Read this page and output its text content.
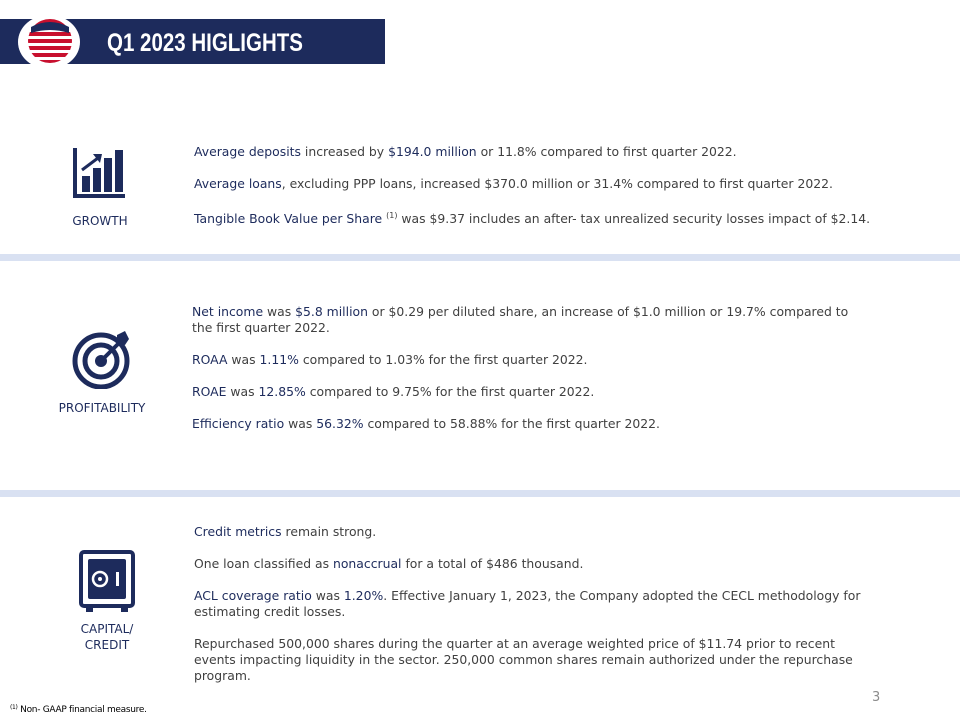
Q1 2023 HIGLIGHTS
GROWTH
Average deposits increased by $194.0 million or 11.8% compared to first quarter 2022.
Average loans, excluding PPP loans, increased $370.0 million or 31.4% compared to first quarter 2022.
Tangible Book Value per Share $^{(1)}$ was $9.37 includes an after- tax unrealized security losses impact of $2.14.
PROFITABILITY
Net income was $5.8 million or $0.29 per diluted share, an increase of $1.0 million or 19.7% compared to
the first quarter 2022.
ROAA was 1.11% compared to 1.03% for the first quarter 2022.
ROAE was 12.85% compared to 9.75% for the first quarter 2022.
Efficiency ratio was 56.32% compared to 58.88% for the first quarter 2022.
CAPITAL/
CREDIT
Credit metrics remain strong.
One loan classified as nonaccrual for a total of $486 thousand.
ACL coverage ratio was 1.20%. Effective January 1, 2023, the Company adopted the CECL methodology for
estimating credit losses.
Repurchased 500,000 shares during the quarter at an average weighted price of $11.74 prior to recent
events impacting liquidity in the sector. 250,000 common shares remain authorized under the repurchase
program.
3
$^{(1)}$ Non- GAAP financial measure.
